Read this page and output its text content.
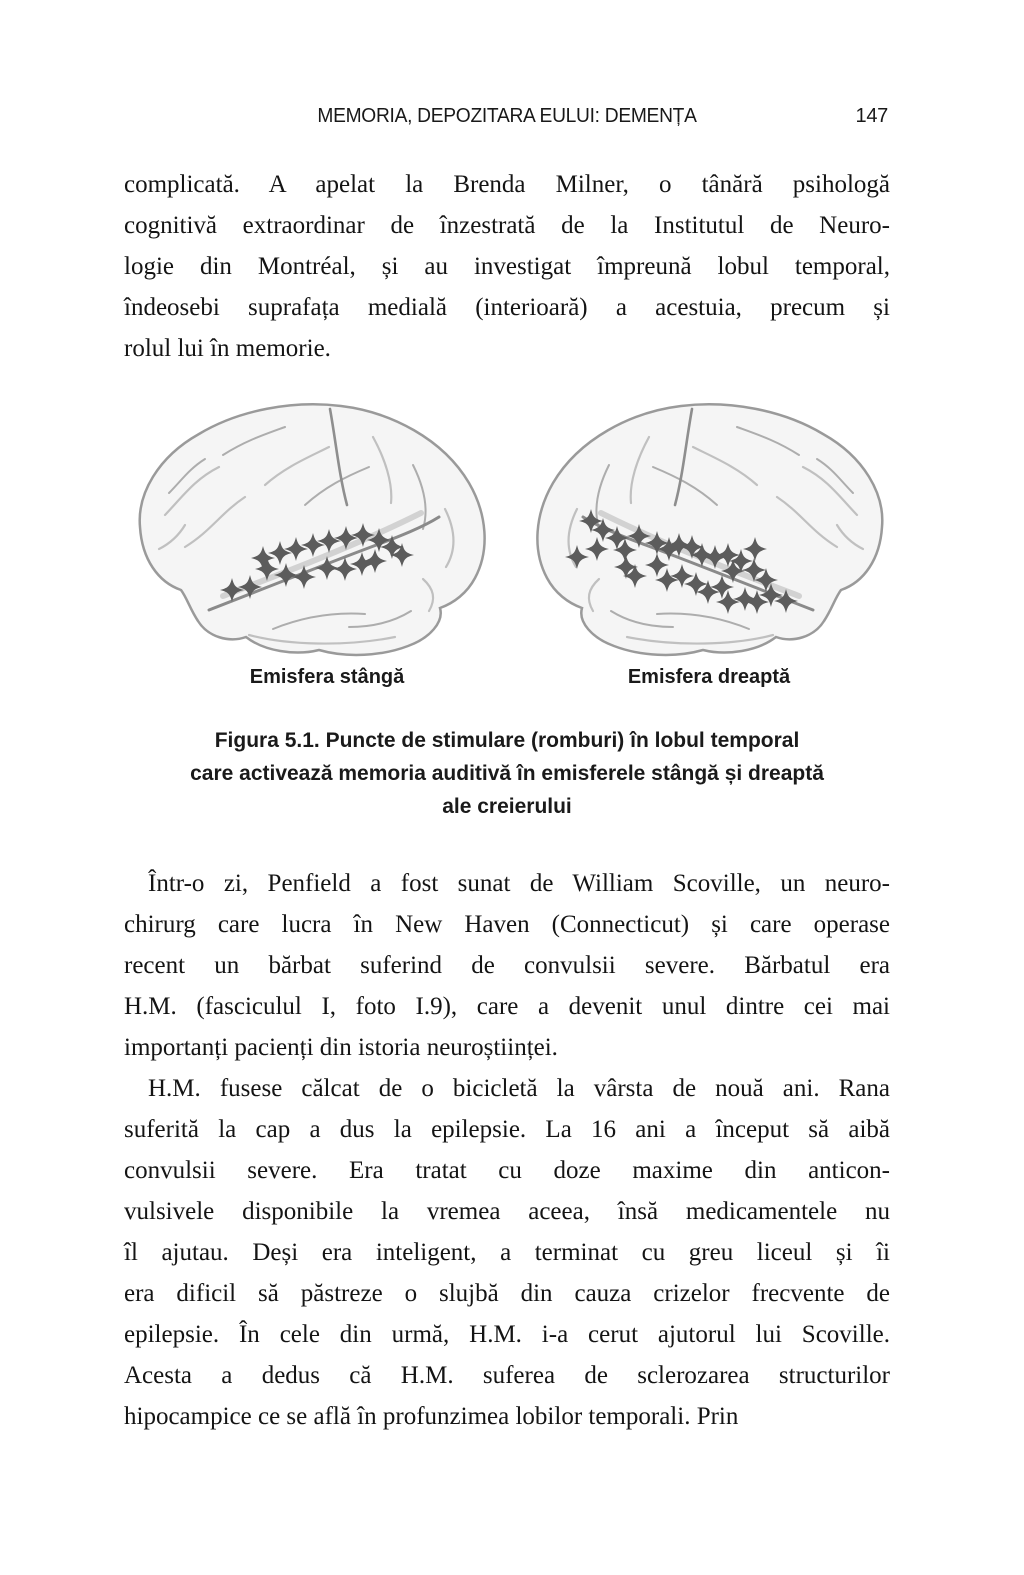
MEMORIA, DEPOZITARA EULUI: DEMENȚA	147
complicată. A apelat la Brenda Milner, o tânără psihologă
cognitivă extraordinar de înzestrată de la Institutul de Neuro-
logie din Montréal, și au investigat împreună lobul temporal,
îndeosebi suprafața medială (interioară) a acestuia, precum și
rolul lui în memorie.
Emisfera stângă	Emisfera dreaptă
Figura 5.1. Puncte de stimulare (romburi) în lobul temporal
care activează memoria auditivă în emisferele stângă și dreaptă
ale creierului
Într-o zi, Penfield a fost sunat de William Scoville, un neuro-
chirurg care lucra în New Haven (Connecticut) și care operase
recent un bărbat suferind de convulsii severe. Bărbatul era
H.M. (fasciculul I, foto I.9), care a devenit unul dintre cei mai
importanți pacienți din istoria neuroștiinței.
H.M. fusese călcat de o bicicletă la vârsta de nouă ani. Rana
suferită la cap a dus la epilepsie. La 16 ani a început să aibă
convulsii severe. Era tratat cu doze maxime din anticon-
vulsivele disponibile la vremea aceea, însă medicamentele nu
îl ajutau. Deși era inteligent, a terminat cu greu liceul și îi
era dificil să păstreze o slujbă din cauza crizelor frecvente de
epilepsie. În cele din urmă, H.M. i-a cerut ajutorul lui Scoville.
Acesta a dedus că H.M. suferea de sclerozarea structurilor
hipocampice ce se află în profunzimea lobilor temporali. Prin
